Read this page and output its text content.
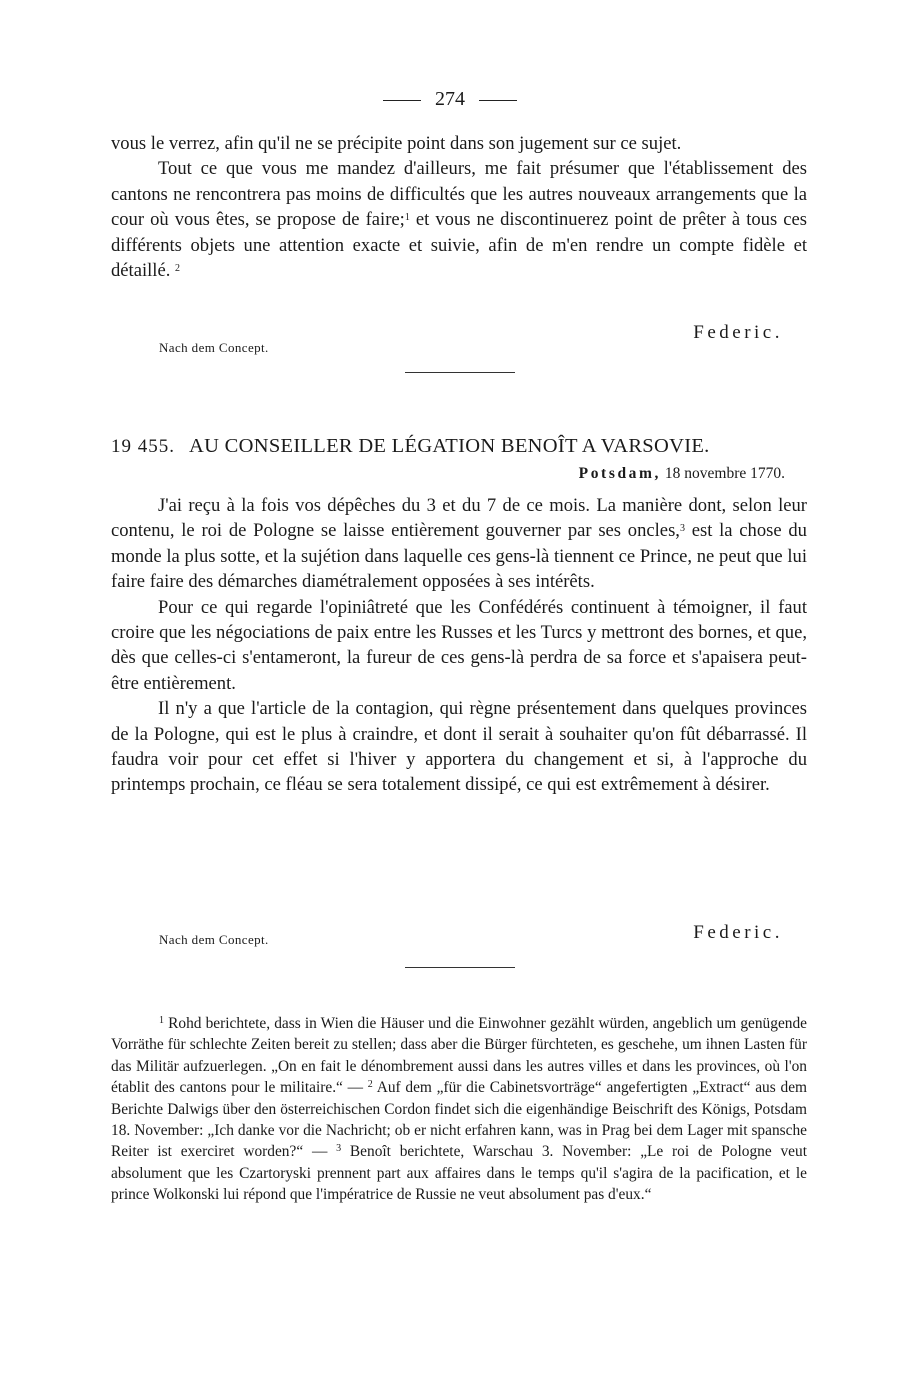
274

vous le verrez, afin qu'il ne se précipite point dans son jugement sur ce sujet.

Tout ce que vous me mandez d'ailleurs, me fait présumer que l'établissement des cantons ne rencontrera pas moins de difficultés que les autres nouveaux arrangements que la cour où vous êtes, se propose de faire;$^1$ et vous ne discontinuerez point de prêter à tous ces différents objets une attention exacte et suivie, afin de m'en rendre un compte fidèle et détaillé. $^2$

Nach dem Concept.
Federic.
19 455. AU CONSEILLER DE LÉGATION BENOÎT A VARSOVIE.
Potsdam, 18 novembre 1770.

J'ai reçu à la fois vos dépêches du 3 et du 7 de ce mois. La manière dont, selon leur contenu, le roi de Pologne se laisse entièrement gouverner par ses oncles,$^3$ est la chose du monde la plus sotte, et la sujétion dans laquelle ces gens-là tiennent ce Prince, ne peut que lui faire faire des démarches diamétralement opposées à ses intérêts.

Pour ce qui regarde l'opiniâtreté que les Confédérés continuent à témoigner, il faut croire que les négociations de paix entre les Russes et les Turcs y mettront des bornes, et que, dès que celles-ci s'entameront, la fureur de ces gens-là perdra de sa force et s'apaisera peut-être entièrement.

Il n'y a que l'article de la contagion, qui règne présentement dans quelques provinces de la Pologne, qui est le plus à craindre, et dont il serait à souhaiter qu'on fût débarrassé. Il faudra voir pour cet effet si l'hiver y apportera du changement et si, à l'approche du printemps prochain, ce fléau se sera totalement dissipé, ce qui est extrêmement à désirer.

Nach dem Concept.	Federic.

$^1$ Rohd berichtete, dass in Wien die Häuser und die Einwohner gezählt würden, angeblich um genügende Vorräthe für schlechte Zeiten bereit zu stellen; dass aber die Bürger fürchteten, es geschehe, um ihnen Lasten für das Militär aufzuerlegen. „On en fait le dénombrement aussi dans les autres villes et dans les provinces, où l'on établit des cantons pour le militaire.“ — $^2$ Auf dem „für die Cabinetsvorträge“ angefertigten „Extract“ aus dem Berichte Dalwigs über den österreichischen Cordon findet sich die eigenhändige Beischrift des Königs, Potsdam 18. November: „Ich danke vor die Nachricht; ob er nicht erfahren kann, was in Prag bei dem Lager mit spansche Reiter ist exerciret worden?“ — $^3$ Benoît berichtete, Warschau 3. November: „Le roi de Pologne veut absolument que les Czartoryski prennent part aux affaires dans le temps qu'il s'agira de la pacification, et le prince Wolkonski lui répond que l'impératrice de Russie ne veut absolument pas d'eux.“
